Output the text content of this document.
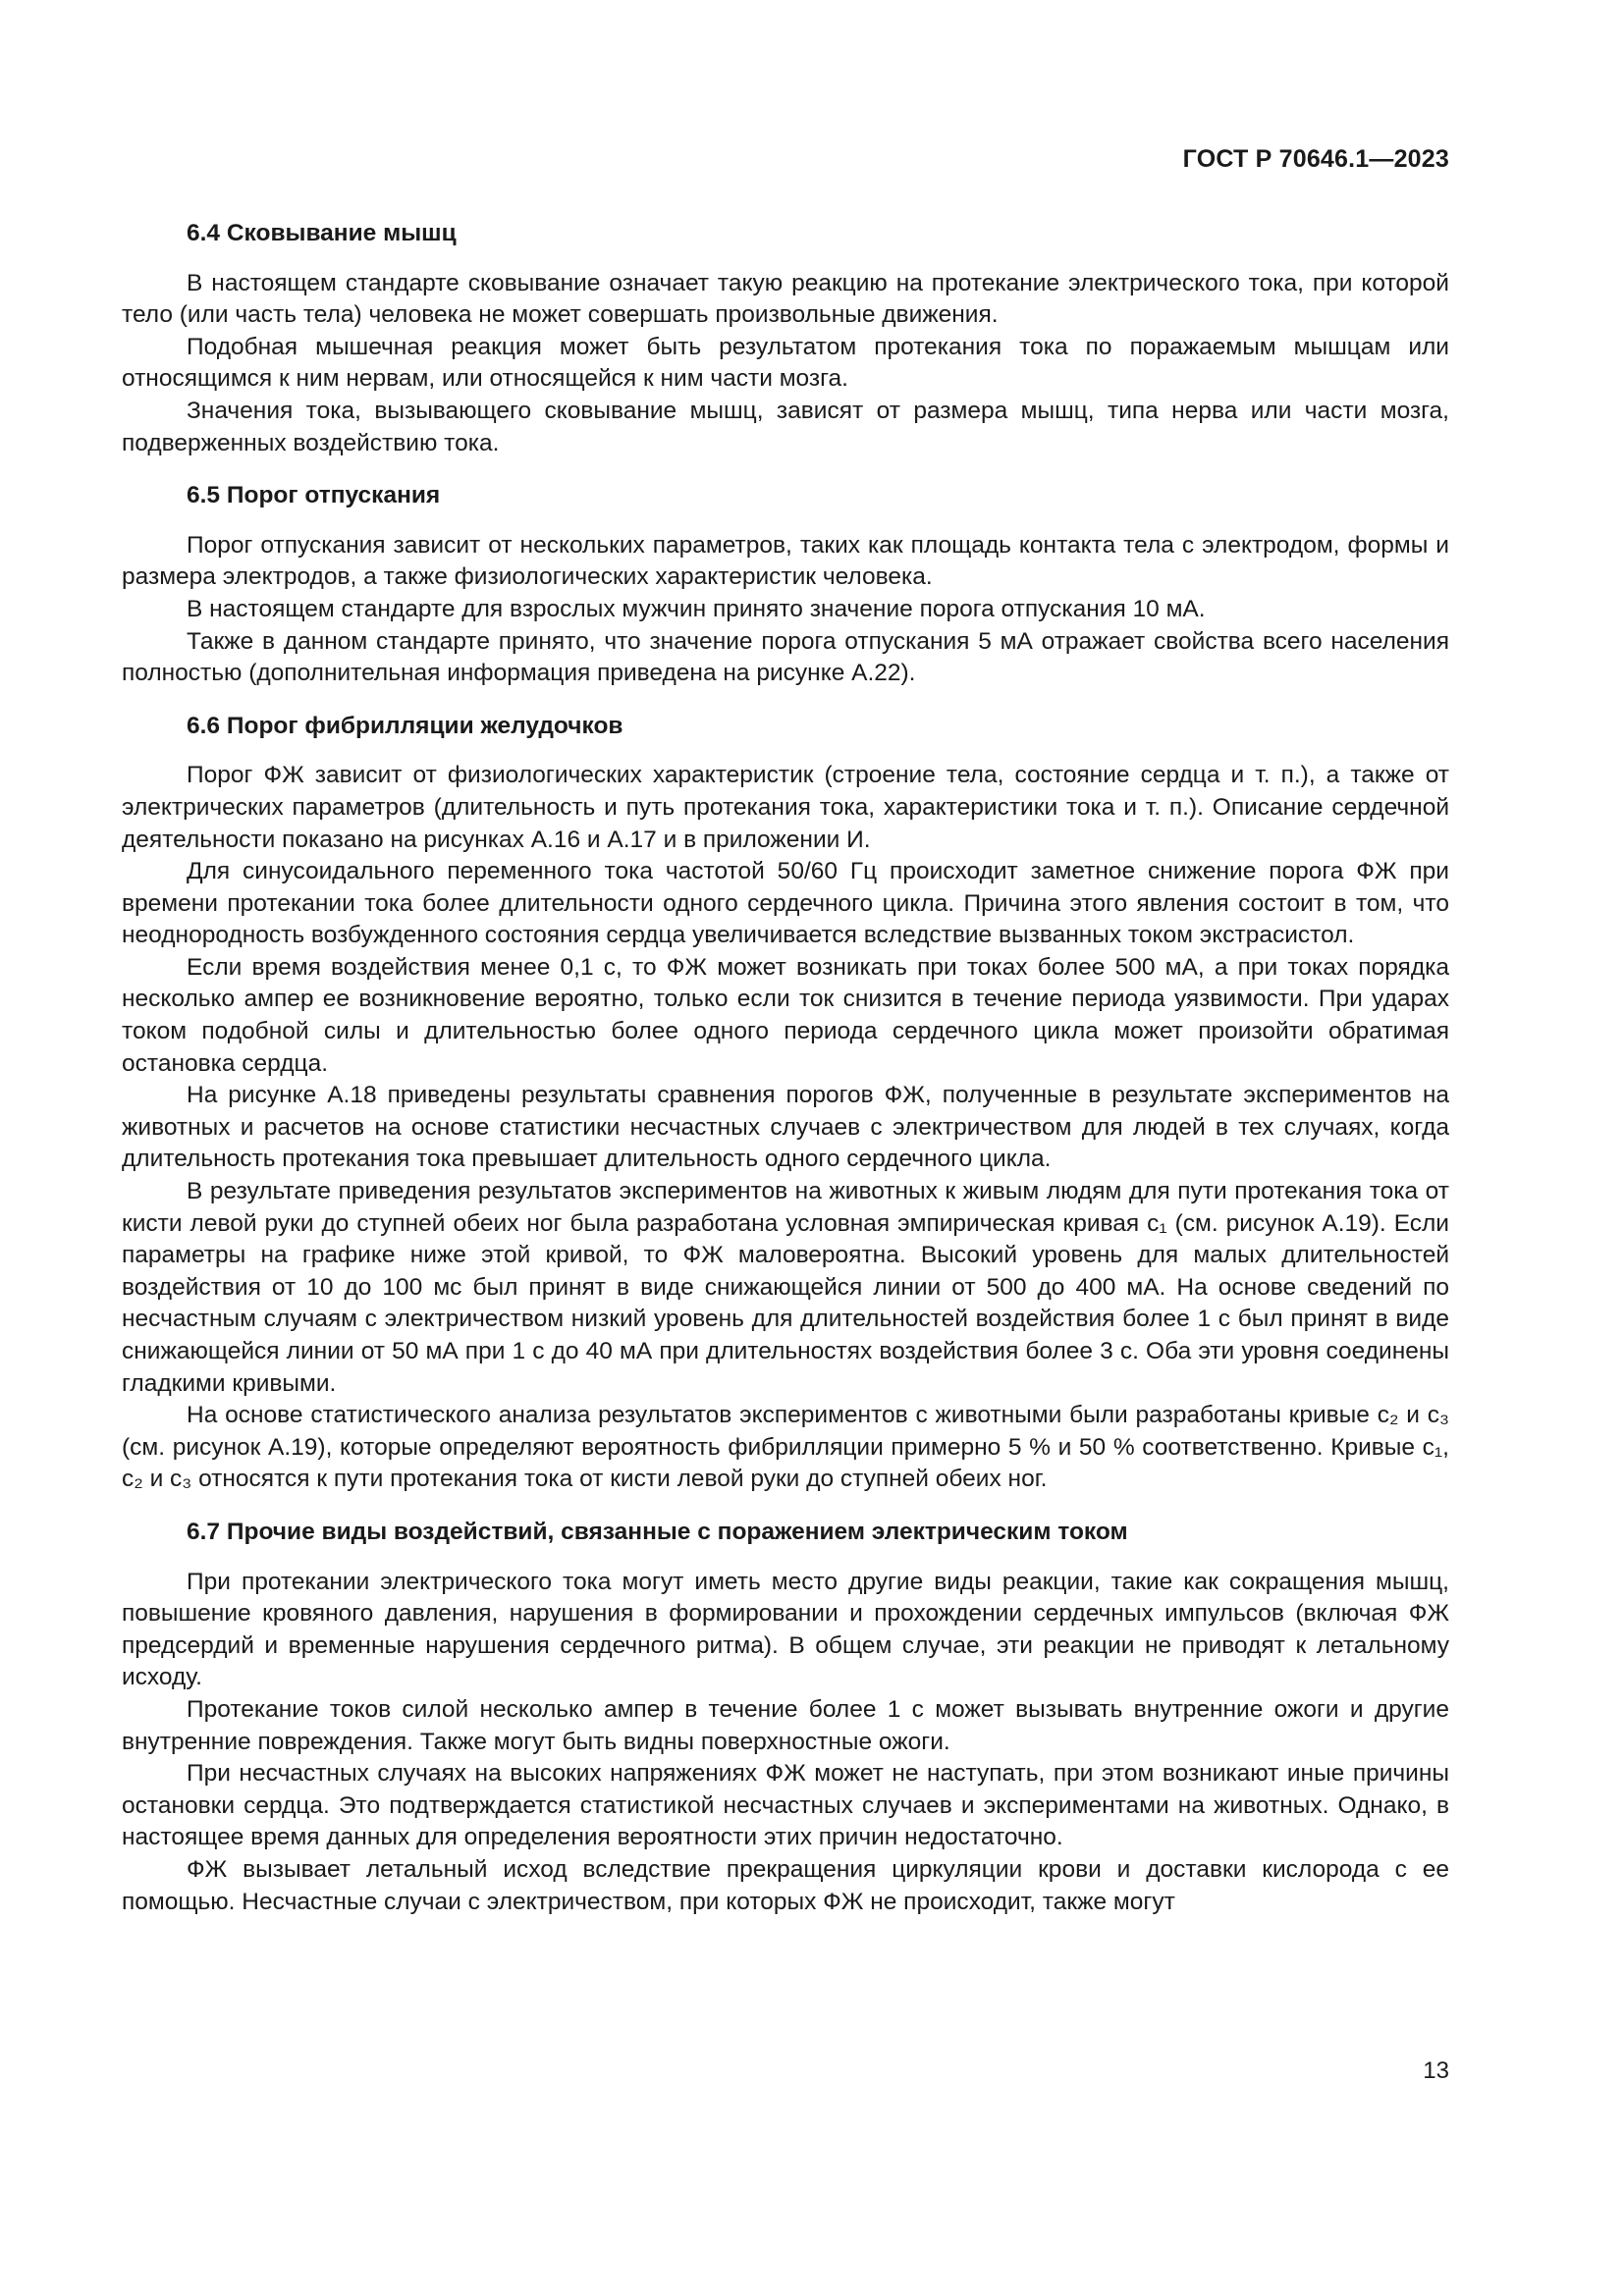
ГОСТ Р 70646.1—2023
6.4 Сковывание мышц

В настоящем стандарте сковывание означает такую реакцию на протекание электрического тока, при которой тело (или часть тела) человека не может совершать произвольные движения.

Подобная мышечная реакция может быть результатом протекания тока по поражаемым мышцам или относящимся к ним нервам, или относящейся к ним части мозга.

Значения тока, вызывающего сковывание мышц, зависят от размера мышц, типа нерва или части мозга, подверженных воздействию тока.

6.5 Порог отпускания

Порог отпускания зависит от нескольких параметров, таких как площадь контакта тела с электродом, формы и размера электродов, а также физиологических характеристик человека.

В настоящем стандарте для взрослых мужчин принято значение порога отпускания 10 мА.

Также в данном стандарте принято, что значение порога отпускания 5 мА отражает свойства всего населения полностью (дополнительная информация приведена на рисунке А.22).

6.6 Порог фибрилляции желудочков

Порог ФЖ зависит от физиологических характеристик (строение тела, состояние сердца и т. п.), а также от электрических параметров (длительность и путь протекания тока, характеристики тока и т. п.). Описание сердечной деятельности показано на рисунках А.16 и А.17 и в приложении И.

Для синусоидального переменного тока частотой 50/60 Гц происходит заметное снижение порога ФЖ при времени протекании тока более длительности одного сердечного цикла. Причина этого явления состоит в том, что неоднородность возбужденного состояния сердца увеличивается вследствие вызванных током экстрасистол.

Если время воздействия менее 0,1 с, то ФЖ может возникать при токах более 500 мА, а при токах порядка несколько ампер ее возникновение вероятно, только если ток снизится в течение периода уязвимости. При ударах током подобной силы и длительностью более одного периода сердечного цикла может произойти обратимая остановка сердца.

На рисунке А.18 приведены результаты сравнения порогов ФЖ, полученные в результате экспериментов на животных и расчетов на основе статистики несчастных случаев с электричеством для людей в тех случаях, когда длительность протекания тока превышает длительность одного сердечного цикла.

В результате приведения результатов экспериментов на животных к живым людям для пути протекания тока от кисти левой руки до ступней обеих ног была разработана условная эмпирическая кривая c₁ (см. рисунок А.19). Если параметры на графике ниже этой кривой, то ФЖ маловероятна. Высокий уровень для малых длительностей воздействия от 10 до 100 мс был принят в виде снижающейся линии от 500 до 400 мА. На основе сведений по несчастным случаям с электричеством низкий уровень для длительностей воздействия более 1 с был принят в виде снижающейся линии от 50 мА при 1 с до 40 мА при длительностях воздействия более 3 с. Оба эти уровня соединены гладкими кривыми.

На основе статистического анализа результатов экспериментов с животными были разработаны кривые c₂ и c₃ (см. рисунок А.19), которые определяют вероятность фибрилляции примерно 5 % и 50 % соответственно. Кривые c₁, c₂ и c₃ относятся к пути протекания тока от кисти левой руки до ступней обеих ног.

6.7 Прочие виды воздействий, связанные с поражением электрическим током

При протекании электрического тока могут иметь место другие виды реакции, такие как сокращения мышц, повышение кровяного давления, нарушения в формировании и прохождении сердечных импульсов (включая ФЖ предсердий и временные нарушения сердечного ритма). В общем случае, эти реакции не приводят к летальному исходу.

Протекание токов силой несколько ампер в течение более 1 с может вызывать внутренние ожоги и другие внутренние повреждения. Также могут быть видны поверхностные ожоги.

При несчастных случаях на высоких напряжениях ФЖ может не наступать, при этом возникают иные причины остановки сердца. Это подтверждается статистикой несчастных случаев и экспериментами на животных. Однако, в настоящее время данных для определения вероятности этих причин недостаточно.

ФЖ вызывает летальный исход вследствие прекращения циркуляции крови и доставки кислорода с ее помощью. Несчастные случаи с электричеством, при которых ФЖ не происходит, также могут

13
